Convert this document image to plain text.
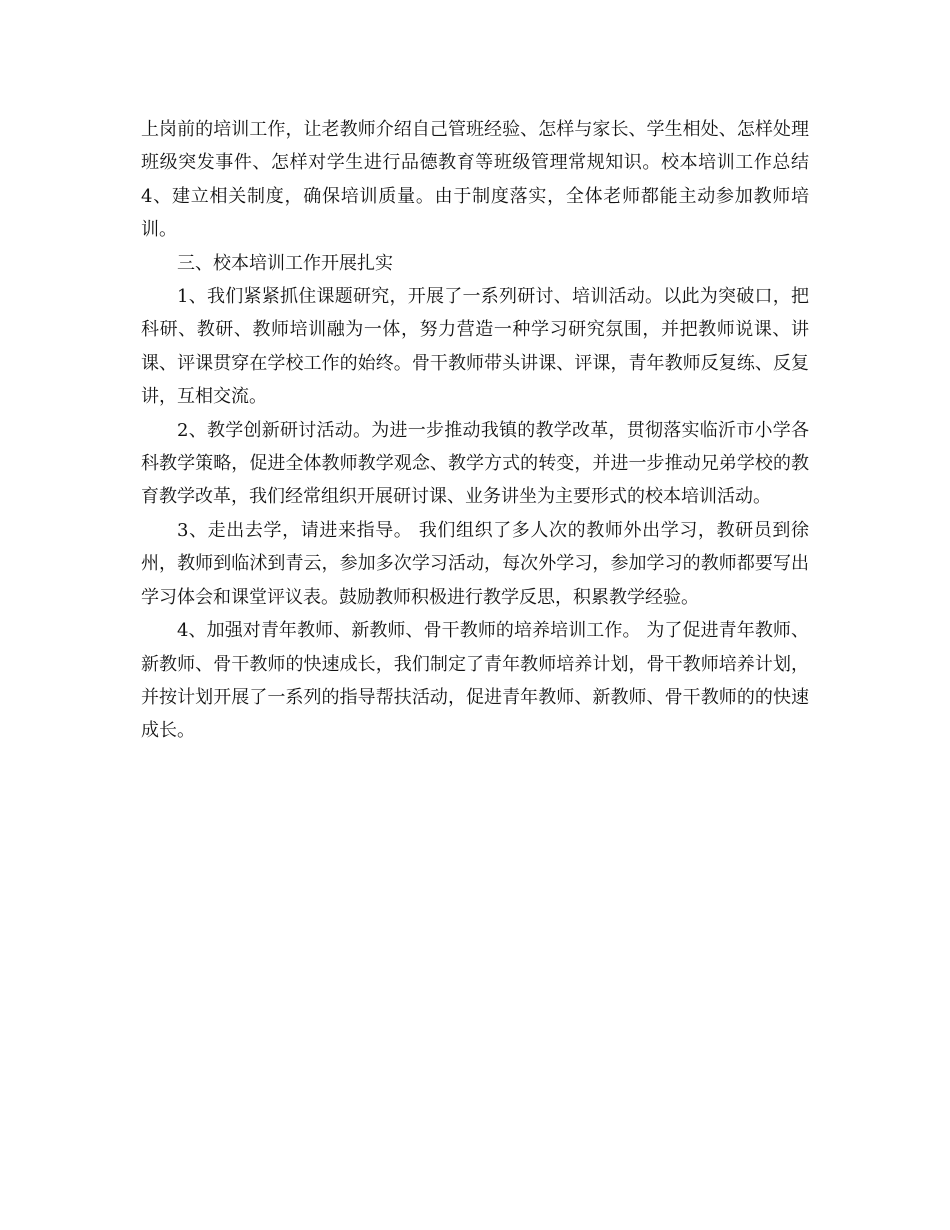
上岗前的培训工作，让老教师介绍自己管班经验、怎样与家长、学生相处、怎样处理班级突发事件、怎样对学生进行品德教育等班级管理常规知识。校本培训工作总结4、建立相关制度，确保培训质量。由于制度落实，全体老师都能主动参加教师培训。

三、校本培训工作开展扎实

1、我们紧紧抓住课题研究，开展了一系列研讨、培训活动。以此为突破口，把科研、教研、教师培训融为一体，努力营造一种学习研究氛围，并把教师说课、讲课、评课贯穿在学校工作的始终。骨干教师带头讲课、评课，青年教师反复练、反复讲，互相交流。

2、教学创新研讨活动。为进一步推动我镇的教学改革，贯彻落实临沂市小学各科教学策略，促进全体教师教学观念、教学方式的转变，并进一步推动兄弟学校的教育教学改革，我们经常组织开展研讨课、业务讲坐为主要形式的校本培训活动。

3、走出去学，请进来指导。 我们组织了多人次的教师外出学习，教研员到徐州，教师到临沭到青云，参加多次学习活动，每次外学习，参加学习的教师都要写出学习体会和课堂评议表。鼓励教师积极进行教学反思，积累教学经验。

4、加强对青年教师、新教师、骨干教师的培养培训工作。 为了促进青年教师、新教师、骨干教师的快速成长，我们制定了青年教师培养计划，骨干教师培养计划，并按计划开展了一系列的指导帮扶活动，促进青年教师、新教师、骨干教师的的快速成长。
